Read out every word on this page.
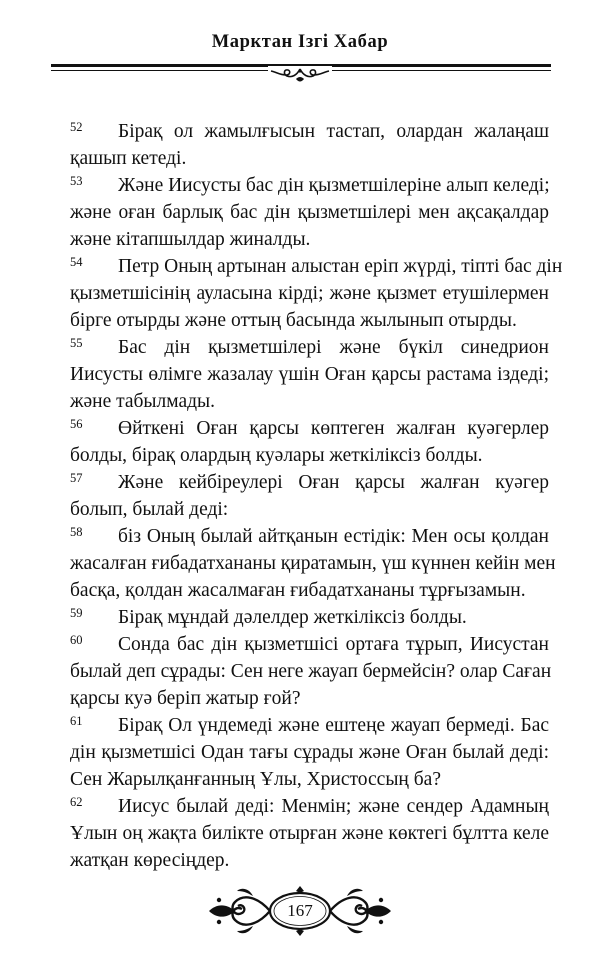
Марктан Ізгі Хабар

52 Бірақ ол жамылғысын тастап, олардан жалаңаш
қашып кетеді.

53 Және Иисусты бас дін қызметшілеріне алып келеді;
және оған барлық бас дін қызметшілері мен ақсақалдар
және кітапшылдар жиналды.

54 Петр Оның артынан алыстан еріп жүрді, тіпті бас дін
қызметшісінің ауласына кірді; және қызмет етушілермен
бірге отырды және оттың басында жылынып отырды.

55 Бас дін қызметшілері және бүкіл синедрион
Иисусты өлімге жазалау үшін Оған қарсы растама іздеді;
және табылмады.

56 Өйткені Оған қарсы көптеген жалған куәгерлер
болды, бірақ олардың куәлары жеткіліксіз болды.

57 Және кейбіреулері Оған қарсы жалған куәгер
болып, былай деді:

58 біз Оның былай айтқанын естідік: Мен осы қолдан
жасалған ғибадатхананы қиратамын, үш күннен кейін мен
басқа, қолдан жасалмаған ғибадатхананы тұрғызамын.

59 Бірақ мұндай дәлелдер жеткіліксіз болды.

60 Сонда бас дін қызметшісі ортаға тұрып, Иисустан
былай деп сұрады: Сен неге жауап бермейсін? олар Саған
қарсы куә беріп жатыр ғой?

61 Бірақ Ол үндемеді және ештеңе жауап бермеді. Бас
дін қызметшісі Одан тағы сұрады және Оған былай деді:
Сен Жарылқанғанның Ұлы, Христоссың ба?

62 Иисус былай деді: Менмін; және сендер Адамның
Ұлын оң жақта билікте отырған және көктегі бұлтта келе
жатқан көресіңдер.

167
